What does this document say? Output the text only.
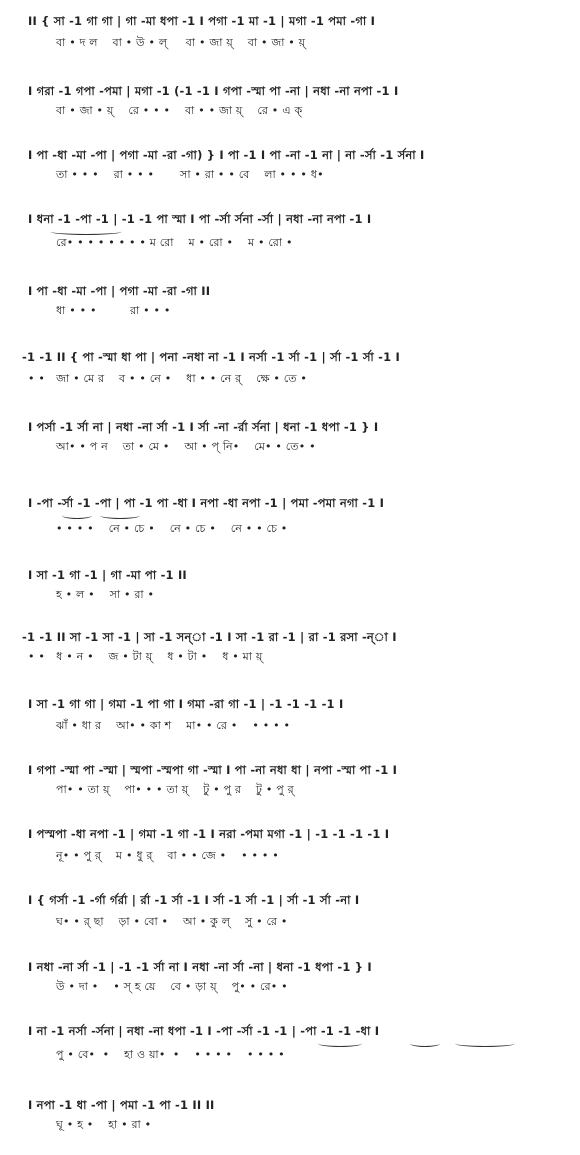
II { সা -1 গা গা | গা -মা ধপা -1 I পগা -1 মা -1 | মগা -1 পমা -গা I
বা • দ ল    বা • উ • ল্     বা • জা য়্    বা • জা • য়্
I গরা -1 গপা -পমা | মগা -1 (-1 -1 I গপা -স্মা পা -না | নধা -না নপা -1 I
বা • জা • য়্    রে • • •    বা • • জা য়্    রে • এ ক্
I পা -ধা -মা -পা | পগা -মা -রা -গা) } I পা -1 I পা -না -1 না | না -র্সা -1 র্সনা I
তা • • •    রা • • •       সা • রা • • বে    লা • • • ধ•
I ধনা -1 -পা -1 | -1 -1 পা স্মা I পা -র্সা র্সনা -র্সা | নধা -না নপা -1 I
রে• • • • • • • • ম রো    ম • রো •    ম • রো •
I পা -ধা -মা -পা | পগা -মা -রা -গা II
ধা • • •         রা • • •
-1 -1 II { পা -স্মা ধা পা | পনা -নধা না -1 I নর্সা -1 র্সা -1 | র্সা -1 র্সা -1 I
• •   জা • মে র    ব • • নে •    ধা • • নে র্    ক্ষে • তে •
I পর্সা -1 র্সা না | নধা -না র্সা -1 I র্সা -না -র্রা র্সনা | ধনা -1 ধপা -1 } I
আ• • প ন    তা • মে •    আ • প্ নি•    মে• • তে• •
I -পা -র্সা -1 -পা | পা -1 পা -ধা I নপা -ধা নপা -1 | পমা -পমা নগা -1 I
• • • •    নে • চে •    নে • চে •    নে • • চে •
I সা -1 গা -1 | গা -মা পা -1 II
হ • ল •    সা • রা •
-1 -1 II সা -1 সা -1 | সা -1 সন্া -1 I সা -1 রা -1 | রা -1 রসা -ন্া I
• •   ধ • ন •    জ • টা য়্    ধ • টা •    ধ • মা য়্
I সা -1 গা গা | গমা -1 পা গা I গমা -রা গা -1 | -1 -1 -1 -1 I
ঝাঁ • ধা র    আ• • কা শ    মা• • রে •    • • • •
I গপা -স্মা পা -স্মা | স্মপা -স্মপা গা -স্মা I পা -না নধা ধা | নপা -স্মা পা -1 I
পা• • তা য়্    পা• • • তা য়্    টু • পু র    টু • পু র্
I পস্মপা -ধা নপা -1 | গমা -1 গা -1 I নরা -পমা মগা -1 | -1 -1 -1 -1 I
নূ• • পু র্    ম • ধু র্    বা • • জে •    • • • •
I { গর্সা -1 -র্গা র্গর্রা | র্রা -1 র্সা -1 I র্সা -1 র্সা -1 | র্সা -1 র্সা -না I
ঘ• • র্ ছা    ড়া • বো •    আ • কু ল্    সু • রে •
I নধা -না র্সা -1 | -1 -1 র্সা না I নধা -না র্সা -না | ধনা -1 ধপা -1 } I
উ • দা •    • স্ হ য়ে    বে • ড়া য়্    পু• • রে• •
I না -1 নর্সা -র্সনা | নধা -না ধপা -1 I -পা -র্সা -1 -1 | -পা -1 -1 -ধা I
পু • বে•  •    হা ও য়া•  •    • • • •    • • • •
I নপা -1 ধা -পা | পমা -1 পা -1 II II
ঘূ • হ •    হা • রা •
